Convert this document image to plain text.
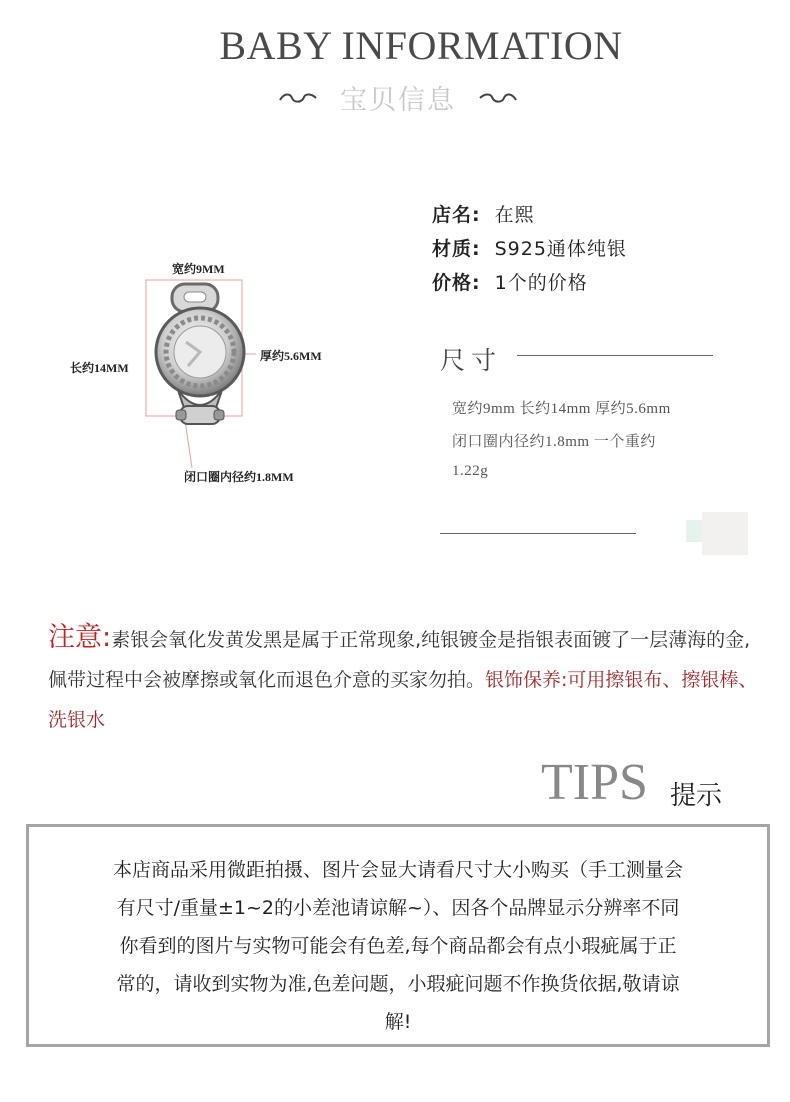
BABY INFORMATION
宝贝信息
宽约9MM
长约14MM
厚约5.6MM
闭口圈内径约1.8MM
店名: 在熙
材质: S925通体纯银
价格: 1个的价格
尺寸
宽约9mm 长约14mm 厚约5.6mm
闭口圈内径约1.8mm 一个重约
1.22g
注意:素银会氧化发黄发黑是属于正常现象,纯银镀金是指银表面镀了一层薄海的金,佩带过程中会被摩擦或氧化而退色介意的买家勿拍。银饰保养:可用擦银布、擦银棒、洗银水
TIPS 提示
本店商品采用微距拍摄、图片会显大请看尺寸大小购买（手工测量会
有尺寸/重量±1~2的小差池请谅解~）、因各个品牌显示分辨率不同
你看到的图片与实物可能会有色差,每个商品都会有点小瑕疵属于正
常的，请收到实物为准,色差问题，小瑕疵问题不作换货依据,敬请谅
解!
